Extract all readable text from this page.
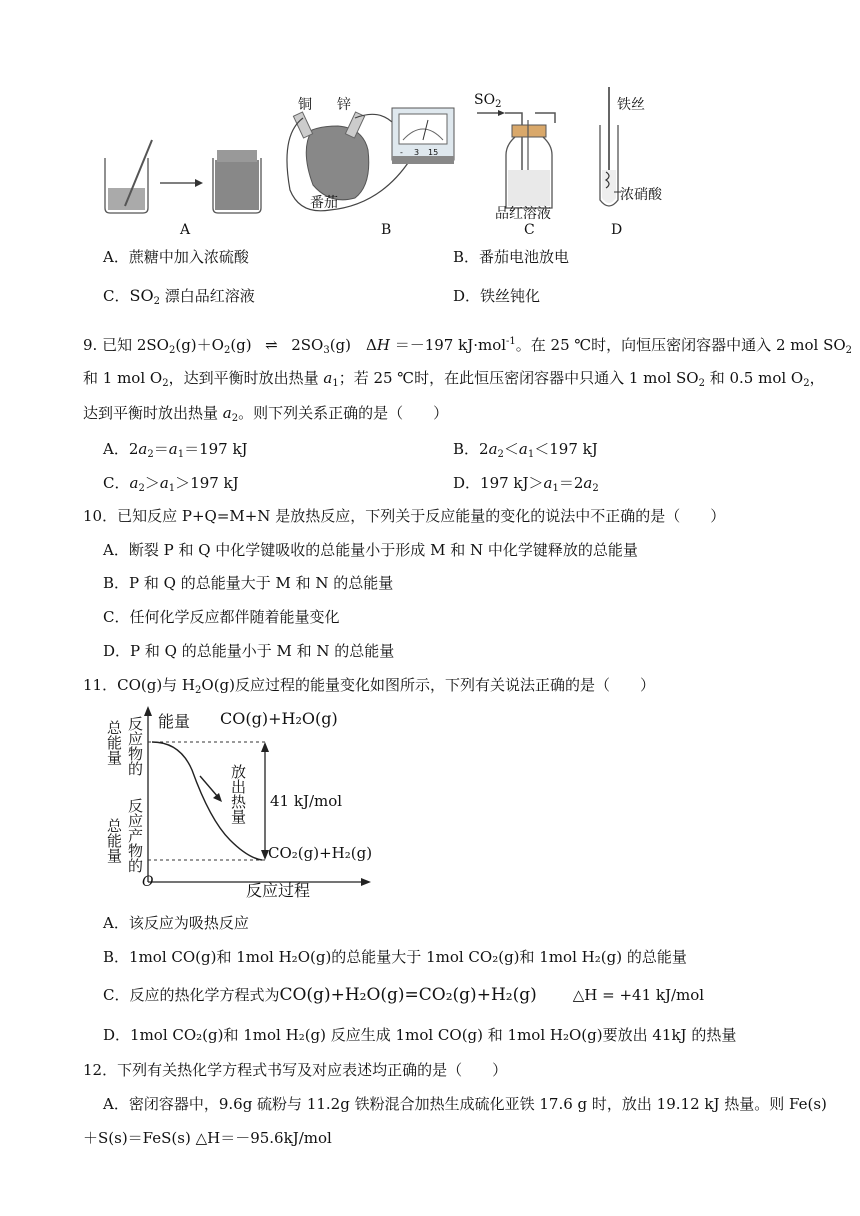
铜 锌
番茄
- 3 15
$SO_2$
品红溶液
铁丝
浓硝酸
A	B	C	D
A．蔗糖中加入浓硫酸	B．番茄电池放电
C．$SO_2$ 漂白品红溶液	D．铁丝钝化
9. 已知 $2SO_2(g)+O_2(g)$ ⇌ $2SO_3(g)$　ΔH ＝－197 kJ·mol$^{-1}$。在 25 ℃时，向恒压密闭容器中通入 2 mol $SO_2$
和 1 mol $O_2$，达到平衡时放出热量 $a_1$；若 25 ℃时，在此恒压密闭容器中只通入 1 mol $SO_2$ 和 0.5 mol $O_2$，
达到平衡时放出热量 $a_2$。则下列关系正确的是（　　）
A．$2a_2=a_1=197$ kJ	B．$2a_2<a_1<197$ kJ
C．$a_2>a_1>197$ kJ	D．197 $kJ>a_1=2a_2$
10．已知反应 P+Q=M+N 是放热反应，下列关于反应能量的变化的说法中不正确的是（　　）
A．断裂 P 和 Q 中化学键吸收的总能量小于形成 M 和 N 中化学键释放的总能量
B．P 和 Q 的总能量大于 M 和 N 的总能量
C．任何化学反应都伴随着能量变化
D．P 和 Q 的总能量小于 M 和 N 的总能量
11．CO(g)与 $H_2O(g)$反应过程的能量变化如图所示，下列有关说法正确的是（　　）
能量 CO(g)+H₂O(g)
总能量 反应物的
总能量 反应产物的
O
放出热量 41 kJ/mol
CO₂(g)+H₂(g)
反应过程
A．该反应为吸热反应
B．1mol CO(g)和 1mol H₂O(g)的总能量大于 1mol CO₂(g)和 1mol H₂(g) 的总能量
C．反应的热化学方程式为CO(g)+H₂O(g)=CO₂(g)+H₂(g) △H = +41 kJ/mol
D．1mol CO₂(g)和 1mol H₂(g) 反应生成 1mol CO(g) 和 1mol H₂O(g)要放出 41kJ 的热量
12．下列有关热化学方程式书写及对应表述均正确的是（　　）
A．密闭容器中，9.6g 硫粉与 11.2g 铁粉混合加热生成硫化亚铁 17.6 g 时，放出 19.12 kJ 热量。则 Fe(s)
＋S(s)＝FeS(s) △H＝－95.6kJ/mol
